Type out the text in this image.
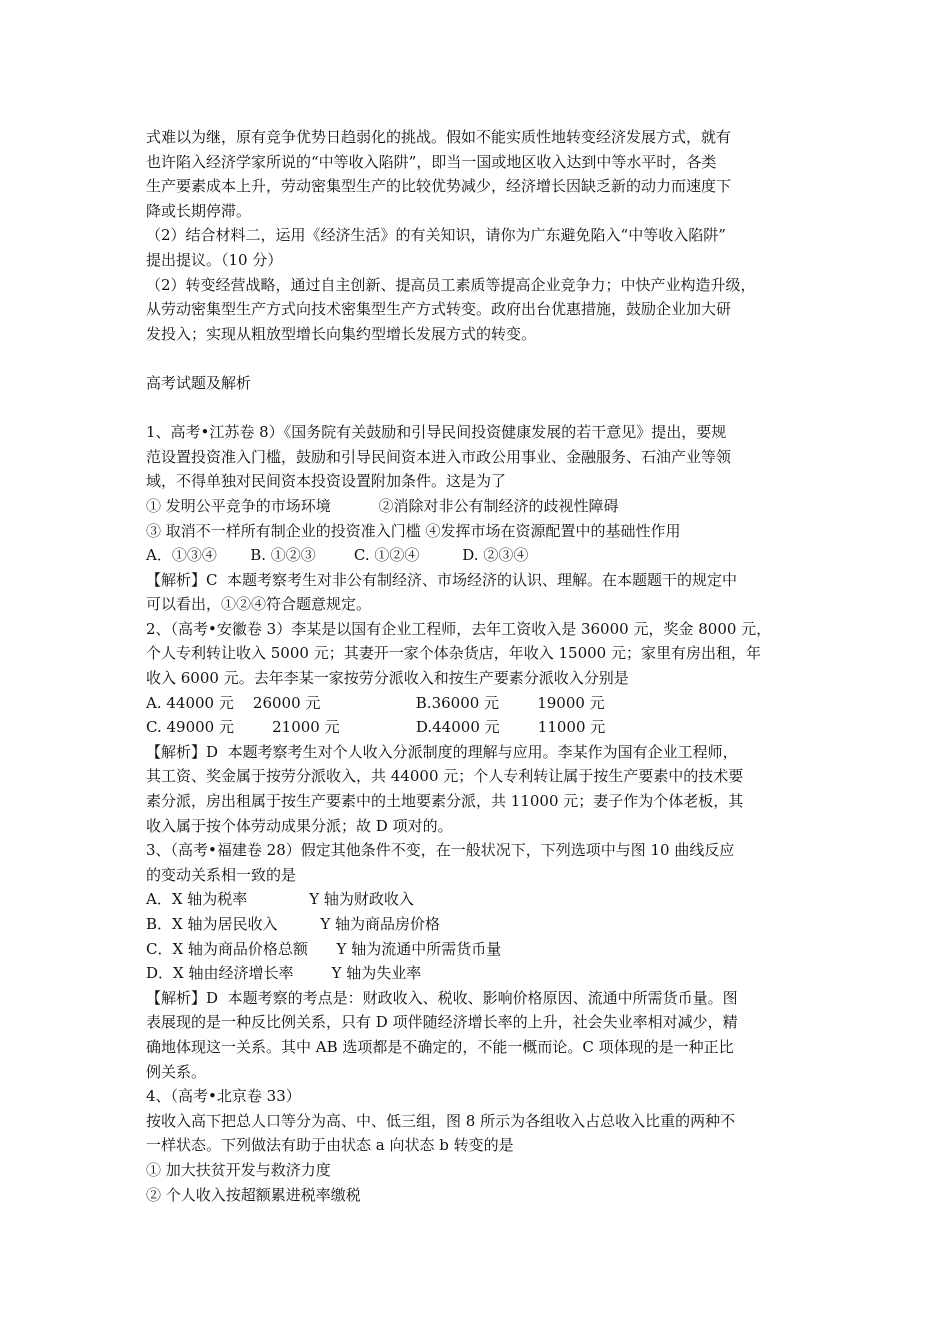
式难以为继，原有竞争优势日趋弱化的挑战。假如不能实质性地转变经济发展方式，就有
也许陷入经济学家所说的“中等收入陷阱”，即当一国或地区收入达到中等水平时，各类
生产要素成本上升，劳动密集型生产的比较优势减少，经济增长因缺乏新的动力而速度下
降或长期停滞。
（2）结合材料二，运用《经济生活》的有关知识，请你为广东避免陷入“中等收入陷阱”
提出提议。（10 分）
（2）转变经营战略，通过自主创新、提高员工素质等提高企业竞争力；中快产业构造升级，
从劳动密集型生产方式向技术密集型生产方式转变。政府出台优惠措施，鼓励企业加大研
发投入；实现从粗放型增长向集约型增长发展方式的转变。
高考试题及解析
1、高考•江苏卷 8）《国务院有关鼓励和引导民间投资健康发展的若干意见》提出，要规
范设置投资准入门槛，鼓励和引导民间资本进入市政公用事业、金融服务、石油产业等领
域，不得单独对民间资本投资设置附加条件。这是为了
① 发明公平竞争的市场环境          ②消除对非公有制经济的歧视性障碍
③ 取消不一样所有制企业的投资准入门槛 ④发挥市场在资源配置中的基础性作用
A．①③④       B. ①②③        C. ①②④         D. ②③④
【解析】C  本题考察考生对非公有制经济、市场经济的认识、理解。在本题题干的规定中
可以看出，①②④符合题意规定。
2、（高考•安徽卷 3）李某是以国有企业工程师，去年工资收入是 36000 元，奖金 8000 元，
个人专利转让收入 5000 元；其妻开一家个体杂货店，年收入 15000 元；家里有房出租，年
收入 6000 元。去年李某一家按劳分派收入和按生产要素分派收入分别是
A. 44000 元    26000 元                    B.36000 元        19000 元
C. 49000 元        21000 元                D.44000 元        11000 元
【解析】D  本题考察考生对个人收入分派制度的理解与应用。李某作为国有企业工程师，
其工资、奖金属于按劳分派收入，共 44000 元；个人专利转让属于按生产要素中的技术要
素分派，房出租属于按生产要素中的土地要素分派，共 11000 元；妻子作为个体老板，其
收入属于按个体劳动成果分派；故 D 项对的。
3、（高考•福建卷 28）假定其他条件不变，在一般状况下，下列选项中与图 10 曲线反应
的变动关系相一致的是
A．X 轴为税率             Y 轴为财政收入
B．X 轴为居民收入         Y 轴为商品房价格
C．X 轴为商品价格总额      Y 轴为流通中所需货币量
D．X 轴由经济增长率        Y 轴为失业率
【解析】D  本题考察的考点是：财政收入、税收、影响价格原因、流通中所需货币量。图
表展现的是一种反比例关系，只有 D 项伴随经济增长率的上升，社会失业率相对减少，精
确地体现这一关系。其中 AB 选项都是不确定的，不能一概而论。C 项体现的是一种正比
例关系。
4、（高考•北京卷 33）
按收入高下把总人口等分为高、中、低三组，图 8 所示为各组收入占总收入比重的两种不
一样状态。下列做法有助于由状态 a 向状态 b 转变的是
① 加大扶贫开发与救济力度
② 个人收入按超额累进税率缴税
